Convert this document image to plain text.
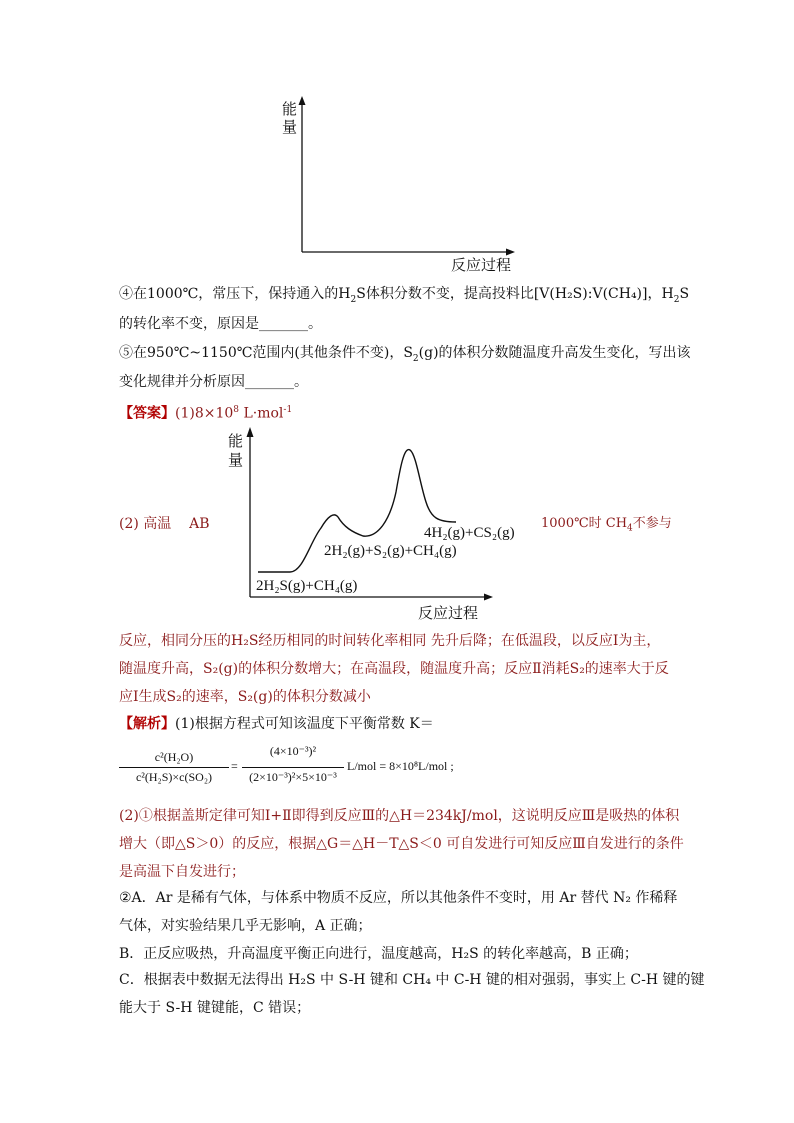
能
量
反应过程
④在1000℃，常压下，保持通入的$H_2S$体积分数不变，提高投料比[V(H₂S):V(CH₄)]，$H_2S$
的转化率不变，原因是_______。
⑤在950℃~1150℃范围内(其他条件不变)，$S_2(g)$的体积分数随温度升高发生变化，写出该
变化规律并分析原因_______。
【答案】$(1)8\times 10^8$ L·mol$^{-1}$
能
量
反应过程
2H₂S(g)+CH₄(g)
2H₂(g)+S₂(g)+CH₄(g)
4H₂(g)+CS₂(g)
(2) 高温 AB	1000℃时 $CH_4$不参与
反应，相同分压的H₂S经历相同的时间转化率相同 先升后降；在低温段，以反应Ⅰ为主，
随温度升高，S₂(g)的体积分数增大；在高温段，随温度升高；反应Ⅱ消耗S₂的速率大于反
应Ⅰ生成S₂的速率，S₂(g)的体积分数减小
【解析】(1)根据方程式可知该温度下平衡常数 K＝
c²(H₂O)
c²(H₂S)×c(SO₂)
=
(4×10⁻³)²
(2×10⁻³)²×5×10⁻³
L/mol = 8×10⁸L/mol ;
(2)①根据盖斯定律可知Ⅰ+Ⅱ即得到反应Ⅲ的△H＝234kJ/mol，这说明反应Ⅲ是吸热的体积
增大（即△S＞0）的反应，根据△G＝△H－T△S＜0 可自发进行可知反应Ⅲ自发进行的条件
是高温下自发进行；
②A．Ar 是稀有气体，与体系中物质不反应，所以其他条件不变时，用 Ar 替代 N₂ 作稀释
气体，对实验结果几乎无影响，A 正确；
B．正反应吸热，升高温度平衡正向进行，温度越高，H₂S 的转化率越高，B 正确；
C．根据表中数据无法得出 H₂S 中 S-H 键和 CH₄ 中 C-H 键的相对强弱，事实上 C-H 键的键
能大于 S-H 键键能，C 错误；
